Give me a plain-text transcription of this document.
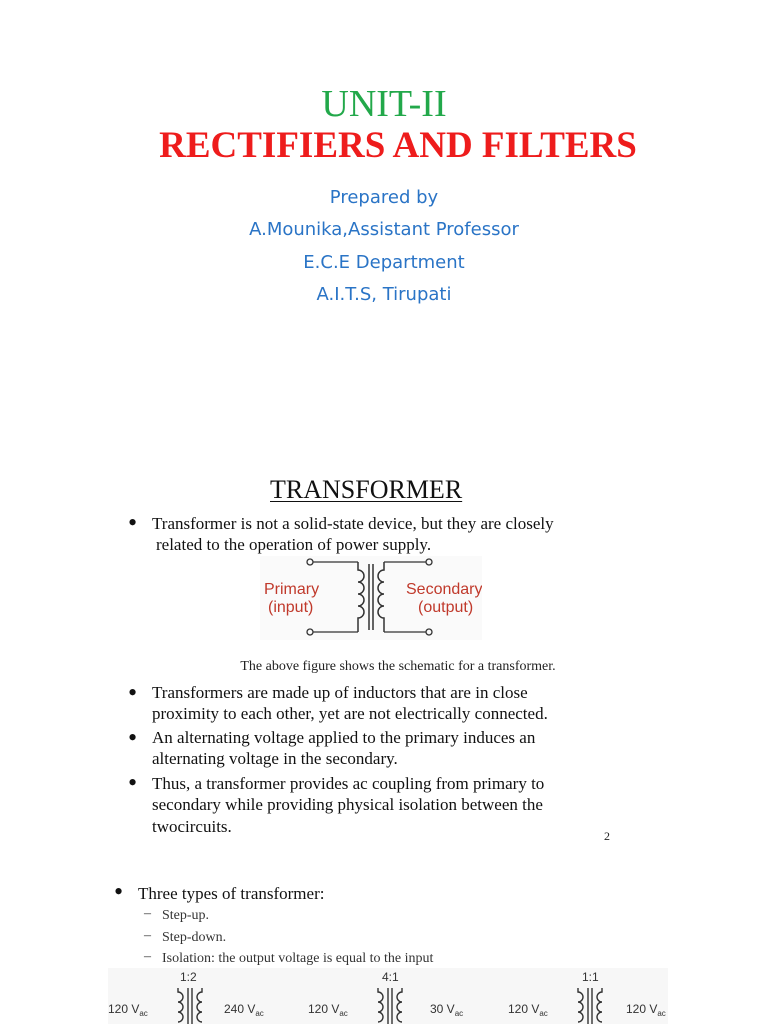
UNIT-II
RECTIFIERS AND FILTERS
Prepared by
A.Mounika,Assistant Professor
E.C.E Department
A.I.T.S, Tirupati
TRANSFORMER
• Transformer is not a solid-state device, but they are closely
related to the operation of power supply.
Primary
(input)
Secondary
(output)
The above figure shows the schematic for a transformer.
• Transformers are made up of inductors that are in close
proximity to each other, yet are not electrically connected.
• An alternating voltage applied to the primary induces an
alternating voltage in the secondary.
• Thus, a transformer provides ac coupling from primary to
secondary while providing physical isolation between the
twocircuits.	2
• Three types of transformer:
– Step-up.
– Step-down.
– Isolation: the output voltage is equal to the input
1:2
120 $V_{ac}$	240 $V_{ac}$
4:1
120 $V_{ac}$	30 $V_{ac}$
1:1
120 $V_{ac}$	120 $V_{ac}$
